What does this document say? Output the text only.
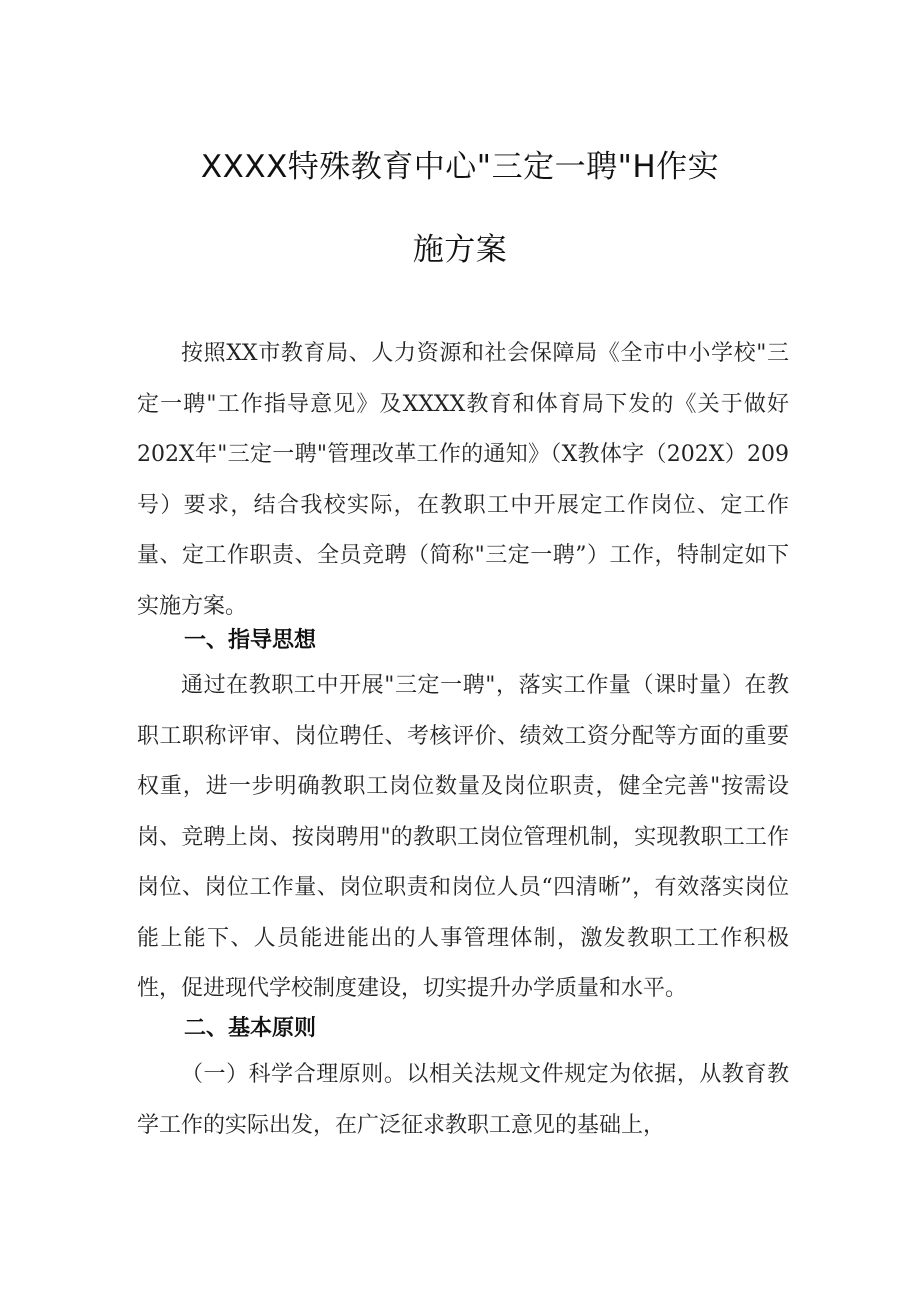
XXXX特殊教育中心"三定一聘"H作实
施方案

按照XX市教育局、人力资源和社会保障局《全市中小学校"三定一聘"工作指导意见》及XXXX教育和体育局下发的《关于做好202X年"三定一聘"管理改革工作的通知》（X教体字（202X）209号）要求，结合我校实际，在教职工中开展定工作岗位、定工作量、定工作职责、全员竞聘（简称"三定一聘”）工作，特制定如下实施方案。

一、指导思想

通过在教职工中开展"三定一聘"，落实工作量（课时量）在教职工职称评审、岗位聘任、考核评价、绩效工资分配等方面的重要权重，进一步明确教职工岗位数量及岗位职责，健全完善"按需设岗、竞聘上岗、按岗聘用"的教职工岗位管理机制，实现教职工工作岗位、岗位工作量、岗位职责和岗位人员“四清晰”，有效落实岗位能上能下、人员能进能出的人事管理体制，激发教职工工作积极性，促进现代学校制度建设，切实提升办学质量和水平。

二、基本原则

（一）科学合理原则。以相关法规文件规定为依据，从教育教学工作的实际出发，在广泛征求教职工意见的基础上，
